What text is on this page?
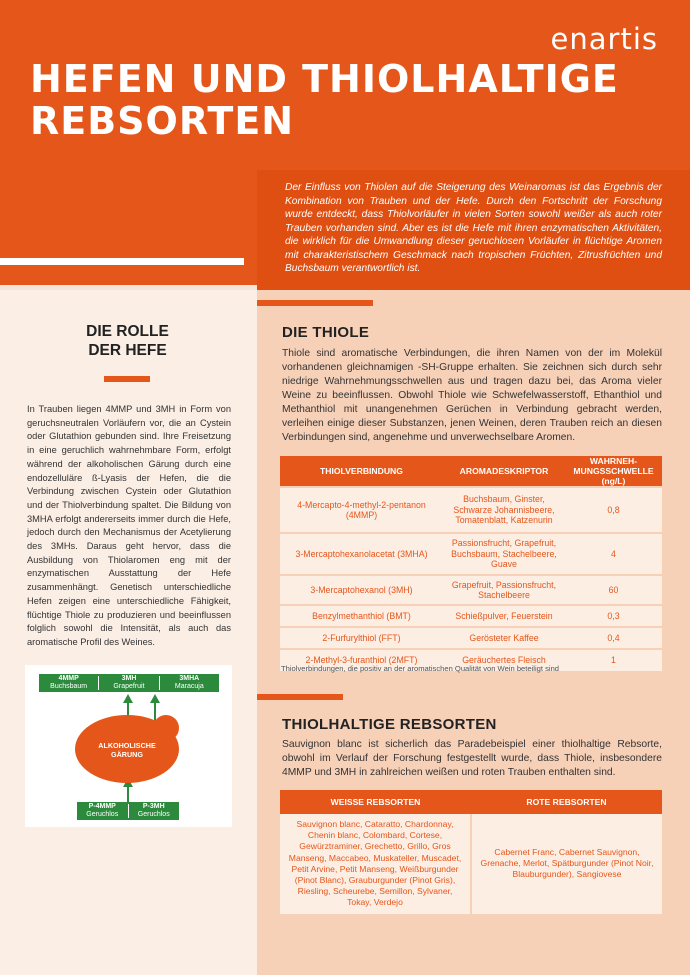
enartis
HEFEN UND THIOLHALTIGE REBSORTEN

Der Einfluss von Thiolen auf die Steigerung des Weinaromas ist das Ergebnis der Kombination von Trauben und der Hefe. Durch den Fortschritt der Forschung wurde entdeckt, dass Thiolvorläufer in vielen Sorten sowohl weißer als auch roter Trauben vorhanden sind. Aber es ist die Hefe mit ihren enzymatischen Aktivitäten, die wirklich für die Umwandlung dieser geruchlosen Vorläufer in flüchtige Aromen mit charakteristischem Geschmack nach tropischen Früchten, Zitrusfrüchten und Buchsbaum verantwortlich ist.

DIE ROLLE
DER HEFE

In Trauben liegen 4MMP und 3MH in Form von geruchsneutralen Vorläufern vor, die an Cystein oder Glutathion gebunden sind. Ihre Freisetzung in eine geruchlich wahrnehmbare Form, erfolgt während der alkoholischen Gärung durch eine endozelluläre ß-Lyasis der Hefen, die die Verbindung zwischen Cystein oder Glutathion und der Thiolverbindung spaltet. Die Bildung von 3MHA erfolgt andererseits immer durch die Hefe, jedoch durch den Mechanismus der Acetylierung des 3MHs. Daraus geht hervor, dass die Ausbildung von Thiolaromen eng mit der enzymatischen Ausstattung der Hefe zusammenhängt. Genetisch unterschiedliche Hefen zeigen eine unterschiedliche Fähigkeit, flüchtige Thiole zu produzieren und beeinflussen folglich sowohl die Intensität, als auch das aromatische Profil des Weines.

4MMP
Buchsbaum
3MH
Grapefruit
3MHA
Maracuja
ALKOHOLISCHE
GÄRUNG
P-4MMP
Geruchlos
P-3MH
Geruchlos
DIE THIOLE

Thiole sind aromatische Verbindungen, die ihren Namen von der im Molekül vorhandenen gleichnamigen -SH-Gruppe erhalten. Sie zeichnen sich durch sehr niedrige Wahrnehmungsschwellen aus und tragen dazu bei, das Aroma vieler Weine zu beeinflussen. Obwohl Thiole wie Schwefelwasserstoff, Ethanthiol und Methanthiol mit unangenehmen Gerüchen in Verbindung gebracht werden, verleihen einige dieser Substanzen, jenen Weinen, deren Trauben reich an diesen Verbindungen sind, angenehme und unverwechselbare Aromen.

THIOLVERBINDUNG	AROMADESKRIPTOR	WAHRNEH-MUNGSSCHWELLE (ng/L)
4-Mercapto-4-methyl-2-pentanon (4MMP)	Buchsbaum, Ginster, Schwarze Johannisbeere, Tomatenblatt, Katzenurin	0,8
3-Mercaptohexanolacetat (3MHA)	Passionsfrucht, Grapefruit, Buchsbaum, Stachelbeere, Guave	4
3-Mercaptohexanol (3MH)	Grapefruit, Passionsfrucht, Stachelbeere	60
Benzylmethanthiol (BMT)	Schießpulver, Feuerstein	0,3
2-Furfurylthiol (FFT)	Gerösteter Kaffee	0,4
2-Methyl-3-furanthiol (2MFT)	Geräuchertes Fleisch	1

Thiolverbindungen, die positiv an der aromatischen Qualität von Wein beteiligt sind

THIOLHALTIGE REBSORTEN

Sauvignon blanc ist sicherlich das Paradebeispiel einer thiolhaltige Rebsorte, obwohl im Verlauf der Forschung festgestellt wurde, dass Thiole, insbesondere 4MMP und 3MH in zahlreichen weißen und roten Trauben enthalten sind.

WEISSE REBSORTEN	ROTE REBSORTEN
Sauvignon blanc, Cataratto, Chardonnay, Chenin blanc, Colombard, Cortese, Gewürztraminer, Grechetto, Grillo, Gros Manseng, Maccabeo, Muskateller, Muscadet, Petit Arvine, Petit Manseng, Weißburgunder (Pinot Blanc), Grauburgunder (Pinot Gris), Riesling, Scheurebe, Semillon, Sylvaner, Tokay, Verdejo	Cabernet Franc, Cabernet Sauvignon, Grenache, Merlot, Spätburgunder (Pinot Noir, Blauburgunder), Sangiovese
